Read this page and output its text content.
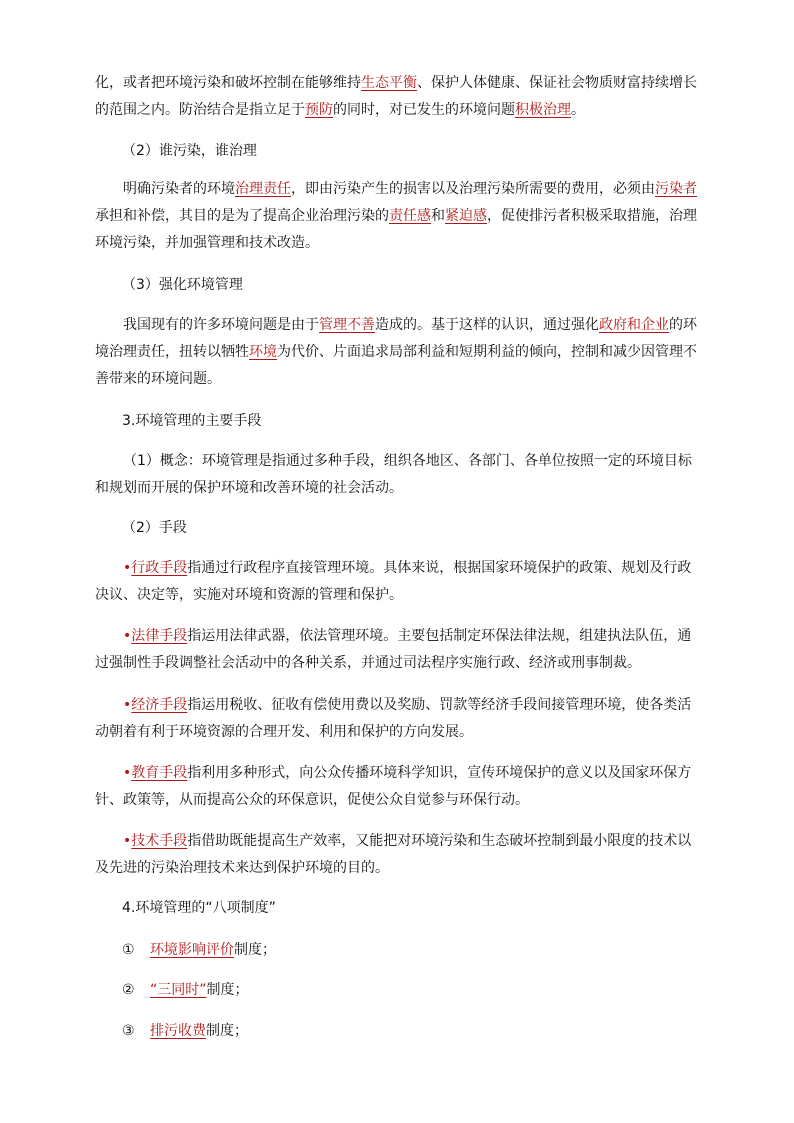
化，或者把环境污染和破坏控制在能够维持生态平衡、保护人体健康、保证社会物质财富持续增长的范围之内。防治结合是指立足于预防的同时，对已发生的环境问题积极治理。

（2）谁污染，谁治理

明确污染者的环境治理责任，即由污染产生的损害以及治理污染所需要的费用，必须由污染者承担和补偿，其目的是为了提高企业治理污染的责任感和紧迫感，促使排污者积极采取措施，治理环境污染，并加强管理和技术改造。

（3）强化环境管理

我国现有的许多环境问题是由于管理不善造成的。基于这样的认识，通过强化政府和企业的环境治理责任，扭转以牺牲环境为代价、片面追求局部利益和短期利益的倾向，控制和减少因管理不善带来的环境问题。

3.环境管理的主要手段

（1）概念：环境管理是指通过多种手段，组织各地区、各部门、各单位按照一定的环境目标和规划而开展的保护环境和改善环境的社会活动。

（2）手段

•行政手段指通过行政程序直接管理环境。具体来说，根据国家环境保护的政策、规划及行政决议、决定等，实施对环境和资源的管理和保护。

•法律手段指运用法律武器，依法管理环境。主要包括制定环保法律法规，组建执法队伍，通过强制性手段调整社会活动中的各种关系，并通过司法程序实施行政、经济或刑事制裁。

•经济手段指运用税收、征收有偿使用费以及奖励、罚款等经济手段间接管理环境，使各类活动朝着有利于环境资源的合理开发、利用和保护的方向发展。

•教育手段指利用多种形式，向公众传播环境科学知识，宣传环境保护的意义以及国家环保方针、政策等，从而提高公众的环保意识，促使公众自觉参与环保行动。

•技术手段指借助既能提高生产效率，又能把对环境污染和生态破坏控制到最小限度的技术以及先进的污染治理技术来达到保护环境的目的。

4.环境管理的“八项制度”

① 环境影响评价制度；

② “三同时”制度；

③ 排污收费制度；
